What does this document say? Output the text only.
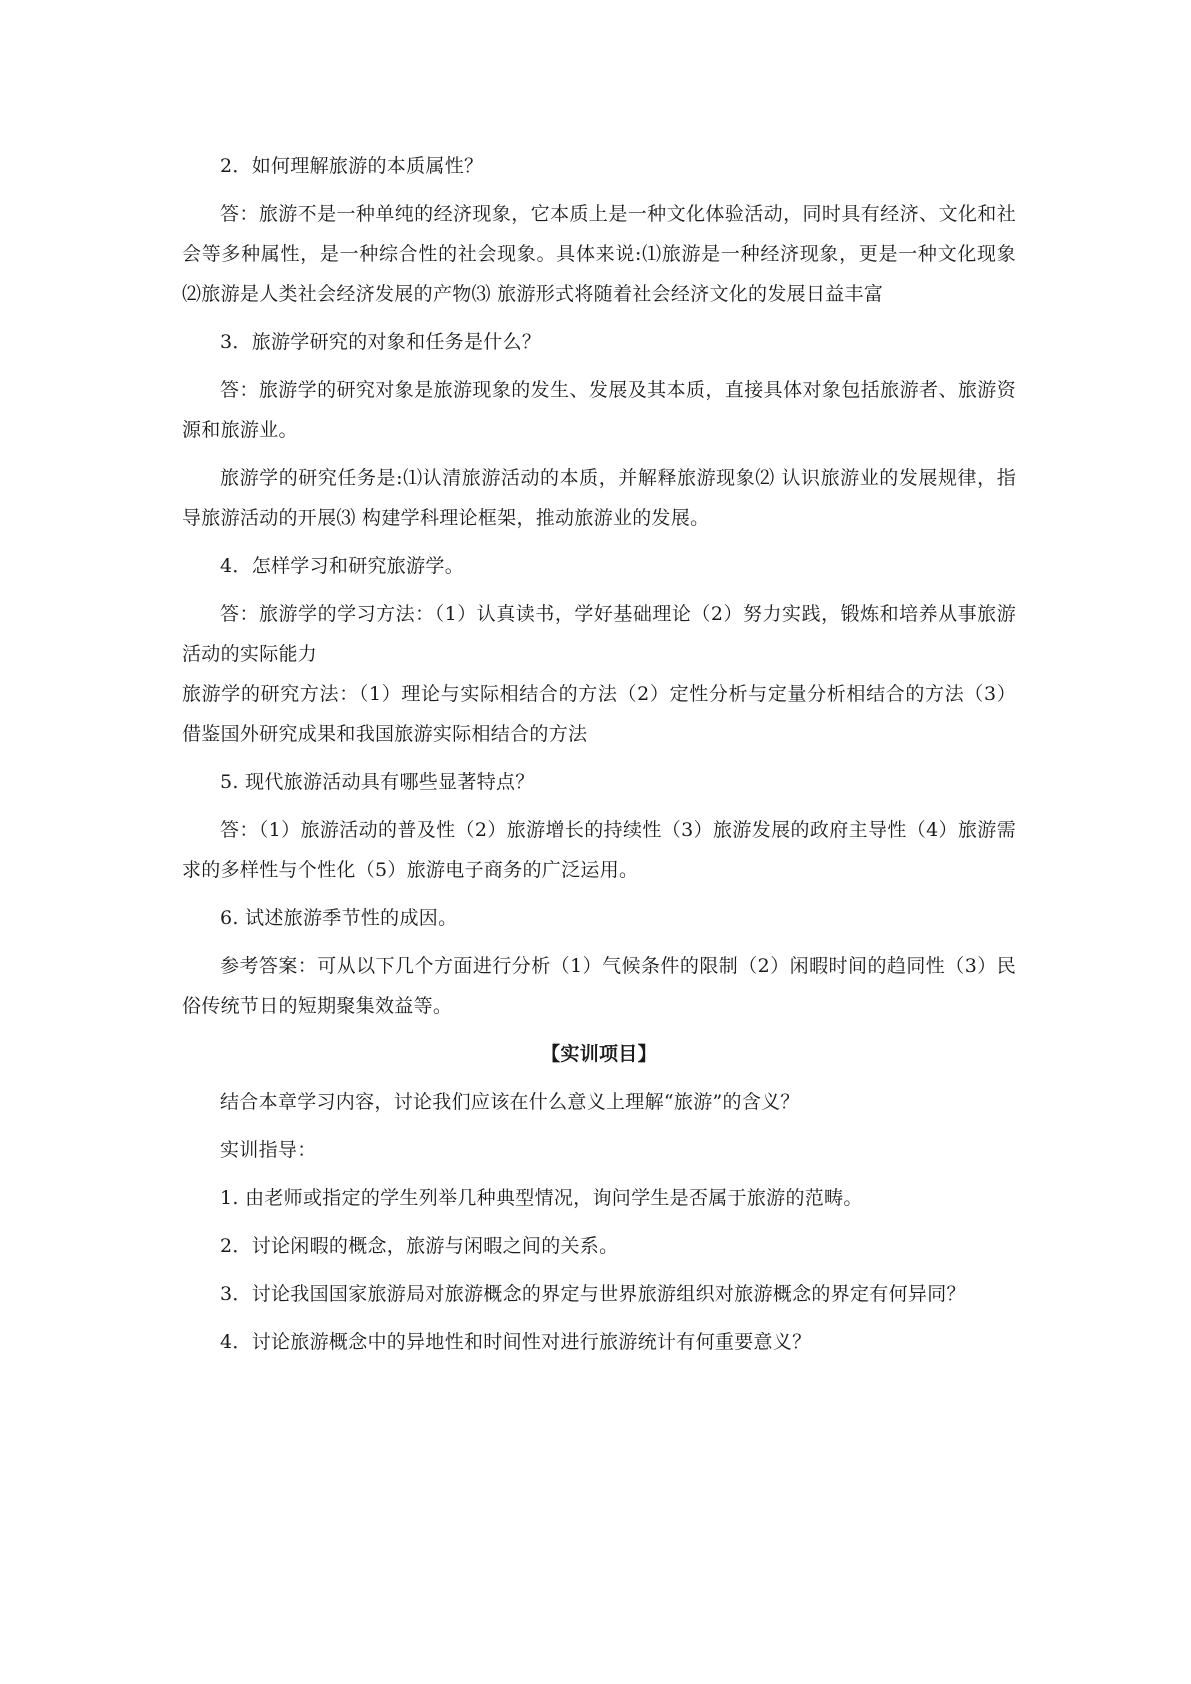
2．如何理解旅游的本质属性？

答：旅游不是一种单纯的经济现象，它本质上是一种文化体验活动，同时具有经济、文化和社会等多种属性，是一种综合性的社会现象。具体来说:⑴旅游是一种经济现象，更是一种文化现象⑵旅游是人类社会经济发展的产物⑶ 旅游形式将随着社会经济文化的发展日益丰富

3．旅游学研究的对象和任务是什么？

答：旅游学的研究对象是旅游现象的发生、发展及其本质，直接具体对象包括旅游者、旅游资源和旅游业。

旅游学的研究任务是:⑴认清旅游活动的本质，并解释旅游现象⑵ 认识旅游业的发展规律，指导旅游活动的开展⑶ 构建学科理论框架，推动旅游业的发展。

4．怎样学习和研究旅游学。

答：旅游学的学习方法：（1）认真读书，学好基础理论（2）努力实践，锻炼和培养从事旅游活动的实际能力

旅游学的研究方法：（1）理论与实际相结合的方法（2）定性分析与定量分析相结合的方法（3）借鉴国外研究成果和我国旅游实际相结合的方法

5. 现代旅游活动具有哪些显著特点？

答：（1）旅游活动的普及性（2）旅游增长的持续性（3）旅游发展的政府主导性（4）旅游需求的多样性与个性化（5）旅游电子商务的广泛运用。

6. 试述旅游季节性的成因。

参考答案：可从以下几个方面进行分析（1）气候条件的限制（2）闲暇时间的趋同性（3）民俗传统节日的短期聚集效益等。

【实训项目】

结合本章学习内容，讨论我们应该在什么意义上理解“旅游”的含义？

实训指导：

1. 由老师或指定的学生列举几种典型情况，询问学生是否属于旅游的范畴。

2．讨论闲暇的概念，旅游与闲暇之间的关系。

3．讨论我国国家旅游局对旅游概念的界定与世界旅游组织对旅游概念的界定有何异同？

4．讨论旅游概念中的异地性和时间性对进行旅游统计有何重要意义？
